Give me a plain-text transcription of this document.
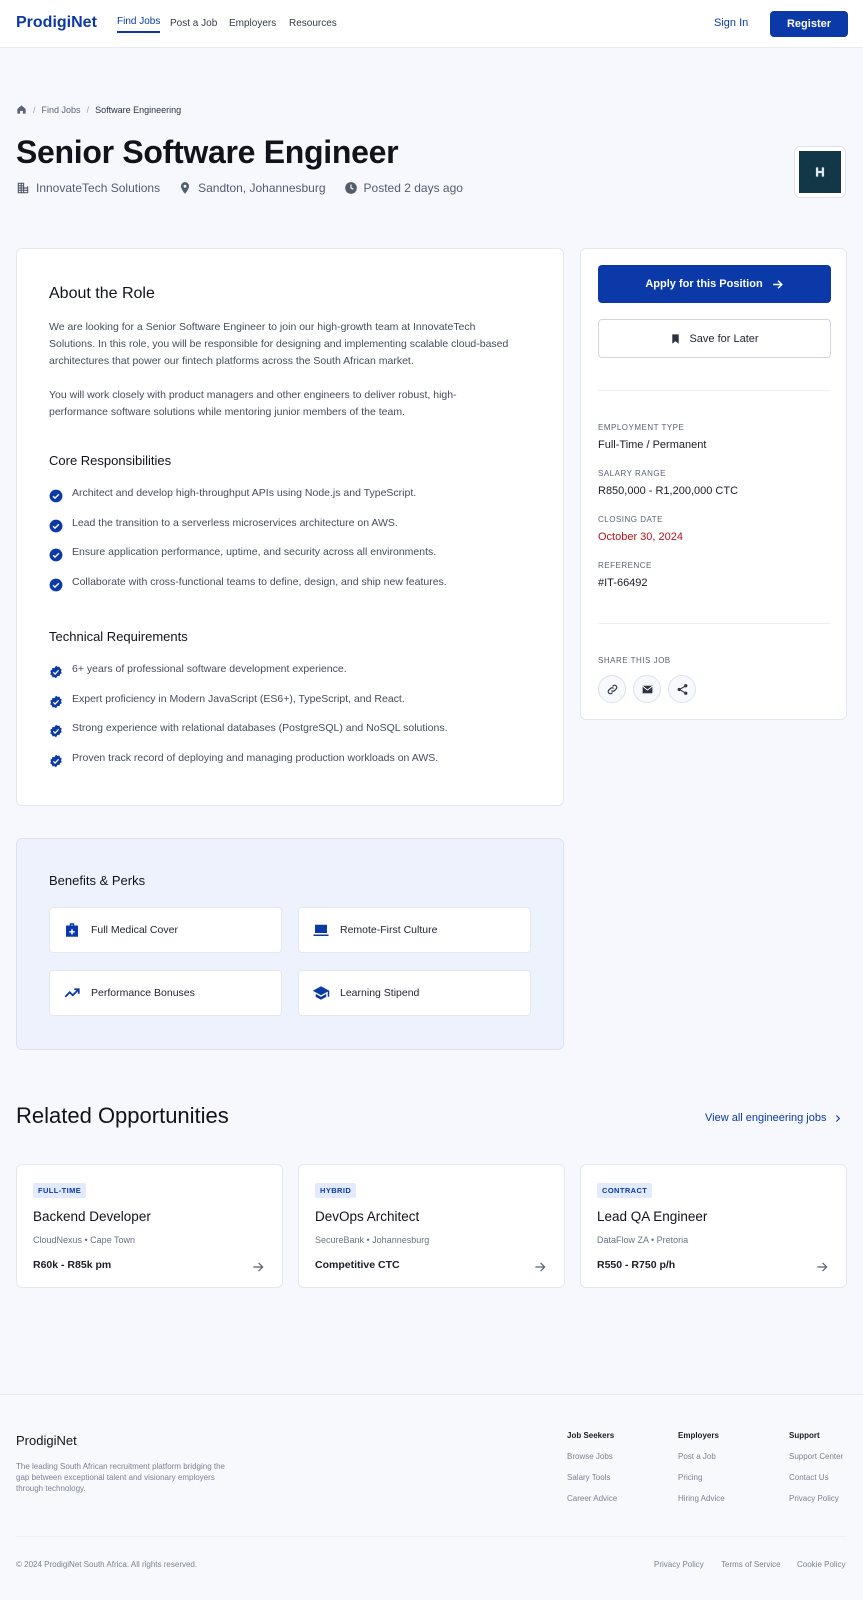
ProdigiNet Find Jobs Post a Job Employers Resources	Sign In	Register
/ Find Jobs / Software Engineering
Senior Software Engineer
InnovateTech Solutions	Sandton, Johannesburg	Posted 2 days ago
About the Role

We are looking for a Senior Software Engineer to join our high-growth team at InnovateTech Solutions. In this role, you will be responsible for designing and implementing scalable cloud-based architectures that power our fintech platforms across the South African market.

You will work closely with product managers and other engineers to deliver robust, high-performance software solutions while mentoring junior members of the team.

Core Responsibilities
Architect and develop high-throughput APIs using Node.js and TypeScript.
Lead the transition to a serverless microservices architecture on AWS.
Ensure application performance, uptime, and security across all environments.
Collaborate with cross-functional teams to define, design, and ship new features.
Technical Requirements
6+ years of professional software development experience.
Expert proficiency in Modern JavaScript (ES6+), TypeScript, and React.
Strong experience with relational databases (PostgreSQL) and NoSQL solutions.
Proven track record of deploying and managing production workloads on AWS.
Benefits & Perks
Full Medical Cover	Remote-First Culture
Performance Bonuses	Learning Stipend
Apply for this Position
Save for Later
EMPLOYMENT TYPE
Full-Time / Permanent
SALARY RANGE
R850,000 - R1,200,000 CTC
CLOSING DATE
October 30, 2024
REFERENCE
#IT-66492
SHARE THIS JOB
Related Opportunities	View all engineering jobs
FULL-TIME
Backend Developer
CloudNexus • Cape Town
R60k - R85k pm
HYBRID
DevOps Architect
SecureBank • Johannesburg
Competitive CTC
CONTRACT
Lead QA Engineer
DataFlow ZA • Pretoria
R550 - R750 p/h
ProdigiNet
The leading South African recruitment platform bridging the gap between exceptional talent and visionary employers through technology.
Job Seekers
Browse Jobs
Salary Tools
Career Advice
Employers
Post a Job
Pricing
Hiring Advice
Support
Support Center
Contact Us
Privacy Policy
© 2024 ProdigiNet South Africa. All rights reserved.	Privacy Policy Terms of Service Cookie Policy
